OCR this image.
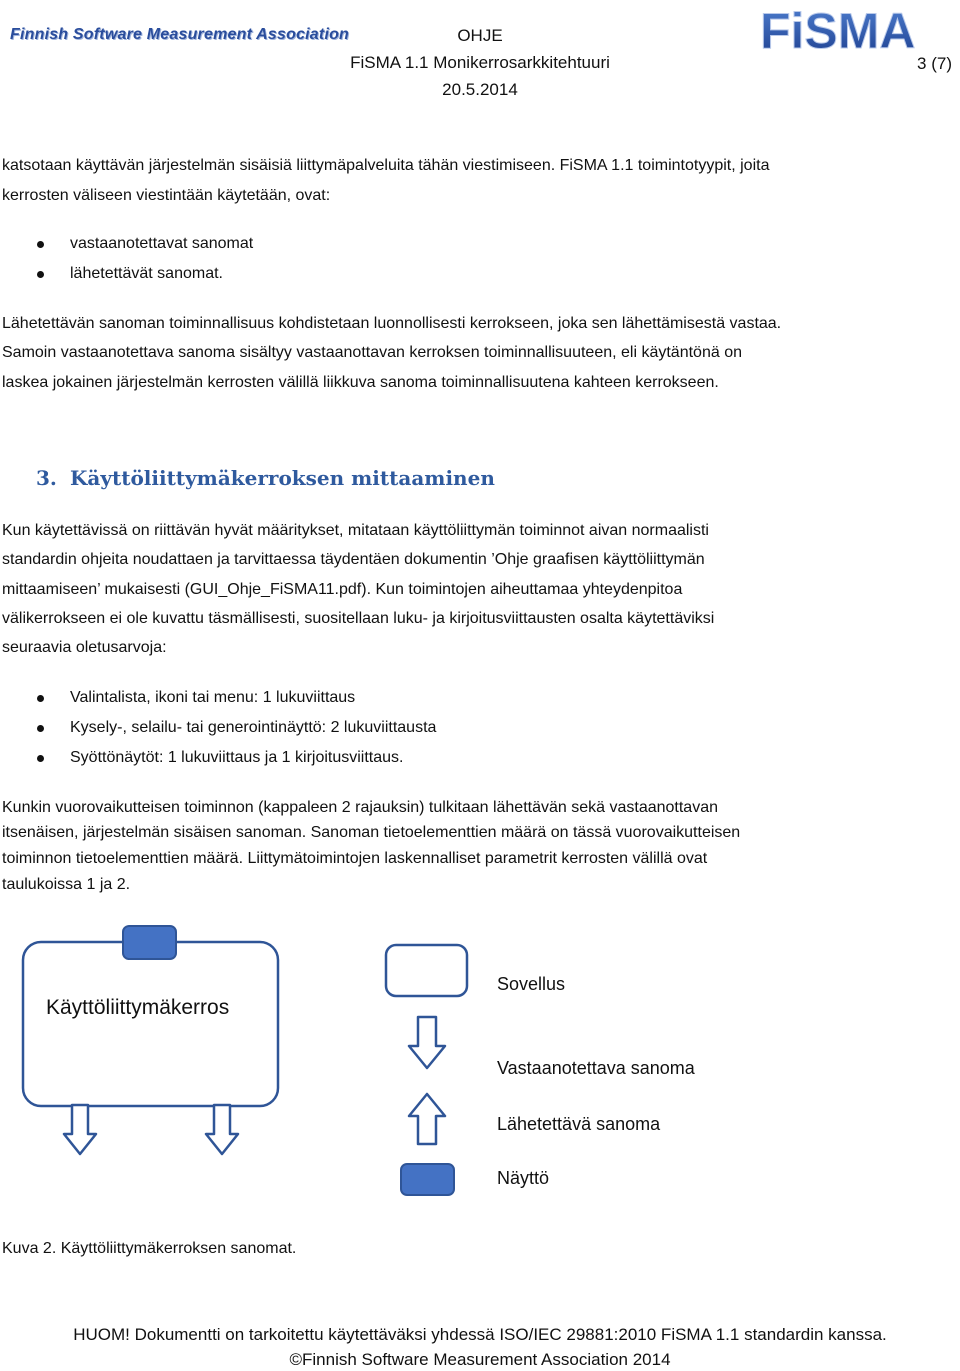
Finnish Software Measurement Association	OHJE
FiSMA 1.1 Monikerrosarkkitehtuuri	3 (7)
20.5.2014
FiSMA
katsotaan käyttävän järjestelmän sisäisiä liittymäpalveluita tähän viestimiseen. FiSMA 1.1 toimintotyypit, joita
kerrosten väliseen viestintään käytetään, ovat:
vastaanotettavat sanomat
lähetettävät sanomat.
Lähetettävän sanoman toiminnallisuus kohdistetaan luonnollisesti kerrokseen, joka sen lähettämisestä vastaa.
Samoin vastaanotettava sanoma sisältyy vastaanottavan kerroksen toiminnallisuuteen, eli käytäntönä on
laskea jokainen järjestelmän kerrosten välillä liikkuva sanoma toiminnallisuutena kahteen kerrokseen.
3. Käyttöliittymäkerroksen mittaaminen
Kun käytettävissä on riittävän hyvät määritykset, mitataan käyttöliittymän toiminnot aivan normaalisti
standardin ohjeita noudattaen ja tarvittaessa täydentäen dokumentin ’Ohje graafisen käyttöliittymän
mittaamiseen’ mukaisesti (GUI_Ohje_FiSMA11.pdf). Kun toimintojen aiheuttamaa yhteydenpitoa
välikerrokseen ei ole kuvattu täsmällisesti, suositellaan luku- ja kirjoitusviittausten osalta käytettäviksi
seuraavia oletusarvoja:
Valintalista, ikoni tai menu: 1 lukuviittaus
Kysely-, selailu- tai generointinäyttö: 2 lukuviittausta
Syöttönäytöt: 1 lukuviittaus ja 1 kirjoitusviittaus.
Kunkin vuorovaikutteisen toiminnon (kappaleen 2 rajauksin) tulkitaan lähettävän sekä vastaanottavan
itsenäisen, järjestelmän sisäisen sanoman. Sanoman tietoelementtien määrä on tässä vuorovaikutteisen
toiminnon tietoelementtien määrä. Liittymätoimintojen laskennalliset parametrit kerrosten välillä ovat
taulukoissa 1 ja 2.
Käyttöliittymäkerros
Sovellus
Vastaanotettava sanoma
Lähetettävä sanoma
Näyttö
Kuva 2. Käyttöliittymäkerroksen sanomat.
HUOM! Dokumentti on tarkoitettu käytettäväksi yhdessä ISO/IEC 29881:2010 FiSMA 1.1 standardin kanssa.
©Finnish Software Measurement Association 2014
